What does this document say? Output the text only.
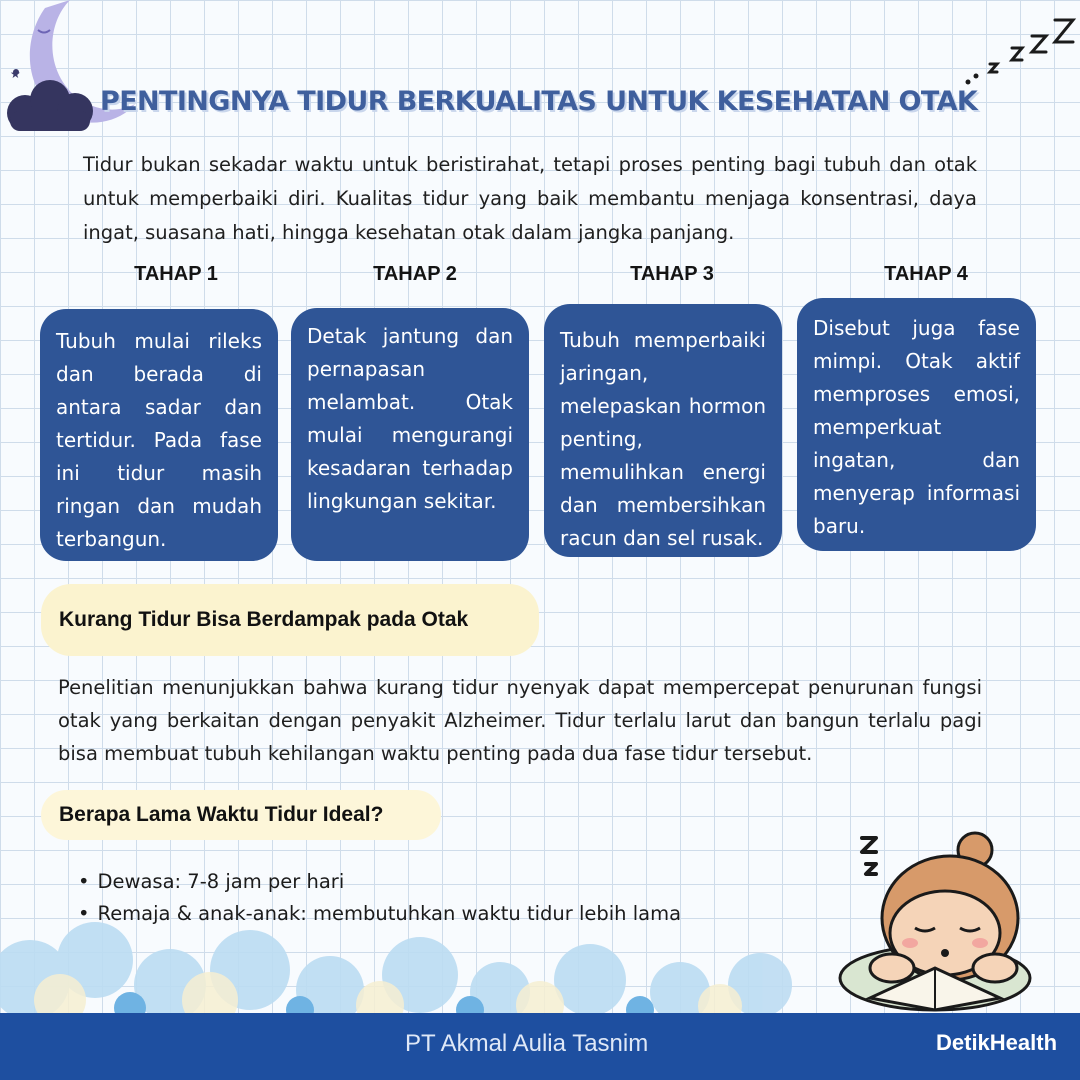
★
PENTINGNYA TIDUR BERKUALITAS UNTUK KESEHATAN OTAK
Tidur bukan sekadar waktu untuk beristirahat, tetapi proses penting bagi tubuh dan otak untuk memperbaiki diri. Kualitas tidur yang baik membantu menjaga konsentrasi, daya ingat, suasana hati, hingga kesehatan otak dalam jangka panjang.
TAHAP 1	TAHAP 2	TAHAP 3	TAHAP 4
Tubuh mulai rileks dan berada di antara sadar dan tertidur. Pada fase ini tidur masih ringan dan mudah terbangun.
Detak jantung dan pernapasan melambat. Otak mulai mengurangi kesadaran terhadap lingkungan sekitar.
Tubuh memperbaiki jaringan, melepaskan hormon penting, memulihkan energi dan membersihkan racun dan sel rusak.
Disebut juga fase mimpi. Otak aktif memproses emosi, memperkuat ingatan, dan menyerap informasi baru.
Kurang Tidur Bisa Berdampak pada Otak
Penelitian menunjukkan bahwa kurang tidur nyenyak dapat mempercepat penurunan fungsi otak yang berkaitan dengan penyakit Alzheimer. Tidur terlalu larut dan bangun terlalu pagi bisa membuat tubuh kehilangan waktu penting pada dua fase tidur tersebut.
Berapa Lama Waktu Tidur Ideal?
• Dewasa: 7-8 jam per hari
• Remaja & anak-anak: membutuhkan waktu tidur lebih lama
PT Akmal Aulia Tasnim	DetikHealth
